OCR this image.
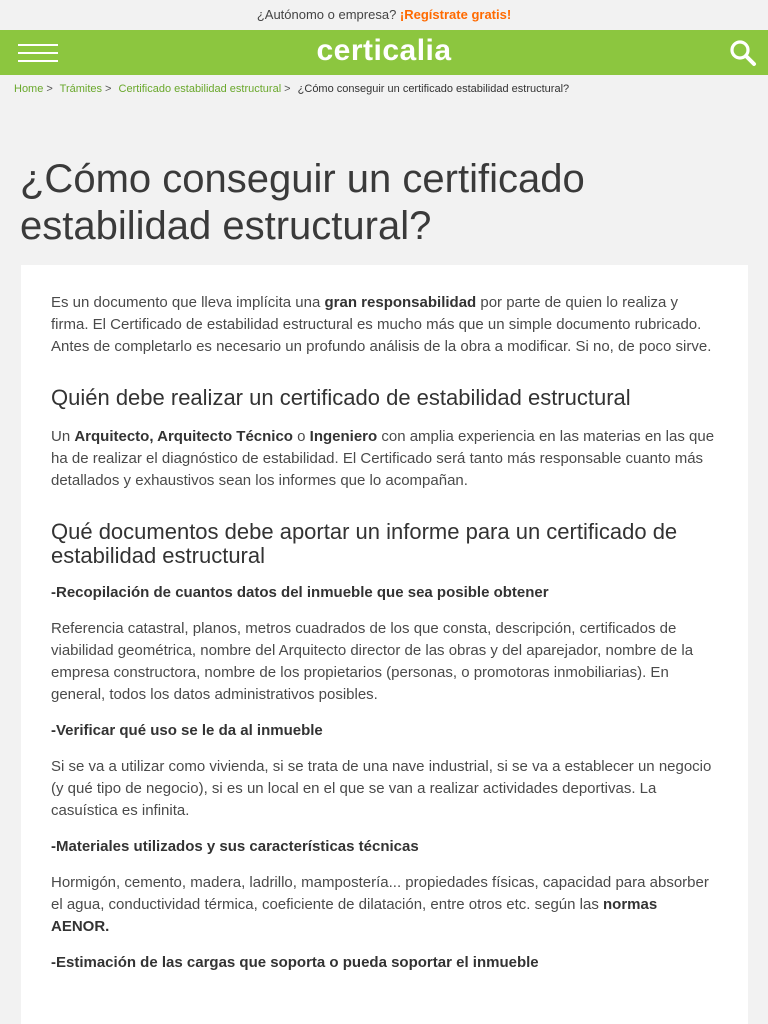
¿Autónomo o empresa? ¡Regístrate gratis!
certicalia
Home > Trámites > Certificado estabilidad estructural > ¿Cómo conseguir un certificado estabilidad estructural?
¿Cómo conseguir un certificado estabilidad estructural?

Es un documento que lleva implícita una gran responsabilidad por parte de quien lo realiza y firma. El Certificado de estabilidad estructural es mucho más que un simple documento rubricado. Antes de completarlo es necesario un profundo análisis de la obra a modificar. Si no, de poco sirve.

Quién debe realizar un certificado de estabilidad estructural

Un Arquitecto, Arquitecto Técnico o Ingeniero con amplia experiencia en las materias en las que ha de realizar el diagnóstico de estabilidad. El Certificado será tanto más responsable cuanto más detallados y exhaustivos sean los informes que lo acompañan.

Qué documentos debe aportar un informe para un certificado de estabilidad estructural

-Recopilación de cuantos datos del inmueble que sea posible obtener

Referencia catastral, planos, metros cuadrados de los que consta, descripción, certificados de viabilidad geométrica, nombre del Arquitecto director de las obras y del aparejador, nombre de la empresa constructora, nombre de los propietarios (personas, o promotoras inmobiliarias). En general, todos los datos administrativos posibles.

-Verificar qué uso se le da al inmueble

Si se va a utilizar como vivienda, si se trata de una nave industrial, si se va a establecer un negocio (y qué tipo de negocio), si es un local en el que se van a realizar actividades deportivas. La casuística es infinita.

-Materiales utilizados y sus características técnicas

Hormigón, cemento, madera, ladrillo, mampostería... propiedades físicas, capacidad para absorber el agua, conductividad térmica, coeficiente de dilatación, entre otros etc. según las normas AENOR.

-Estimación de las cargas que soporta o pueda soportar el inmueble
